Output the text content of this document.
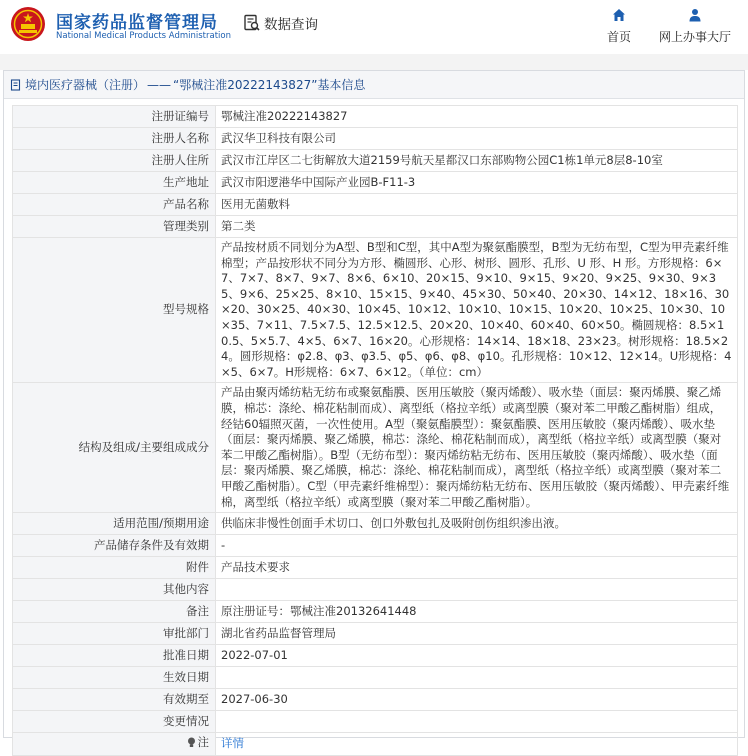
国家药品监督管理局
National Medical Products Administration
数据查询
首页	网上办事大厅
境内医疗器械（注册） —— “鄂械注准20222143827”基本信息
注册证编号	鄂械注准20222143827
注册人名称	武汉华卫科技有限公司
注册人住所	武汉市江岸区二七街解放大道2159号航天星都汉口东部购物公园C1栋1单元8层8-10室
生产地址	武汉市阳逻港华中国际产业园B-F11-3
产品名称	医用无菌敷料
管理类别	第二类
型号规格	产品按材质不同划分为A型、B型和C型，其中A型为聚氨酯膜型，B型为无纺布型，C型为甲壳素纤维棉型；产品按形状不同分为方形、椭圆形、心形、树形、圆形、孔形、U 形、H 形。方形规格：6×7、7×7、8×7、9×7、8×6、6×10、20×15、9×10、9×15、9×20、9×25、9×30、9×35、9×6、25×25、8×10、15×15、9×40、45×30、50×40、20×30、14×12、18×16、30×20、30×25、40×30、10×45、10×12、10×10、10×15、10×20、10×25、10×30、10×35、7×11、7.5×7.5、12.5×12.5、20×20、10×40、60×40、60×50。椭圆规格：8.5×10.5、5×5.7、4×5、6×7、16×20。心形规格：14×14、18×18、23×23。树形规格：18.5×24。圆形规格：φ2.8、φ3、φ3.5、φ5、φ6、φ8、φ10。孔形规格：10×12、12×14。U形规格：4×5、6×7。H形规格：6×7、6×12。（单位：cm）
结构及组成/主要组成成分	产品由聚丙烯纺粘无纺布或聚氨酯膜、医用压敏胶（聚丙烯酸）、吸水垫（面层：聚丙烯膜、聚乙烯膜，棉芯：涤纶、棉花粘制而成）、离型纸（格拉辛纸）或离型膜（聚对苯二甲酸乙酯树脂）组成，经钴60辐照灭菌，一次性使用。A型（聚氨酯膜型）：聚氨酯膜、医用压敏胶（聚丙烯酸）、吸水垫（面层：聚丙烯膜、聚乙烯膜，棉芯：涤纶、棉花粘制而成），离型纸（格拉辛纸）或离型膜（聚对苯二甲酸乙酯树脂）。B型（无纺布型）：聚丙烯纺粘无纺布、医用压敏胶（聚丙烯酸）、吸水垫（面层：聚丙烯膜、聚乙烯膜，棉芯：涤纶、棉花粘制而成），离型纸（格拉辛纸）或离型膜（聚对苯二甲酸乙酯树脂）。C型（甲壳素纤维棉型）：聚丙烯纺粘无纺布、医用压敏胶（聚丙烯酸）、甲壳素纤维棉，离型纸（格拉辛纸）或离型膜（聚对苯二甲酸乙酯树脂）。
适用范围/预期用途	供临床非慢性创面手术切口、创口外敷包扎及吸附创伤组织渗出液。
产品储存条件及有效期	-
附件	产品技术要求
其他内容	
备注	原注册证号：鄂械注准20132641448
审批部门	湖北省药品监督管理局
批准日期	2022-07-01
生效日期	
有效期至	2027-06-30
变更情况	

注	详情
